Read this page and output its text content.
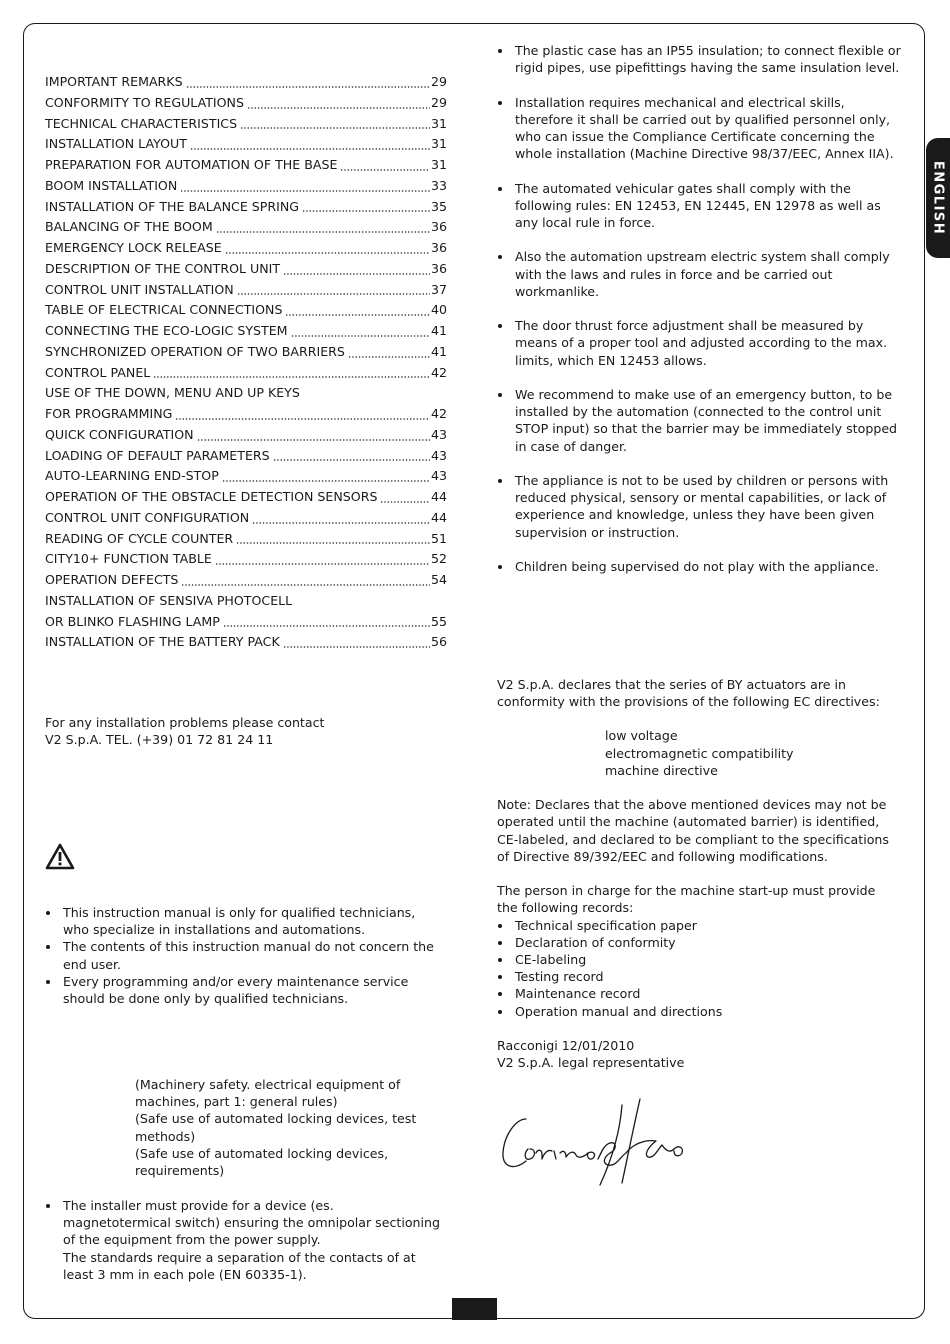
ENGLISH
IMPORTANT REMARKS	29
CONFORMITY TO REGULATIONS	29
TECHNICAL CHARACTERISTICS	31
INSTALLATION LAYOUT	31
PREPARATION FOR AUTOMATION OF THE BASE	31
BOOM INSTALLATION	33
INSTALLATION OF THE BALANCE SPRING	35
BALANCING OF THE BOOM	36
EMERGENCY LOCK RELEASE	36
DESCRIPTION OF THE CONTROL UNIT	36
CONTROL UNIT INSTALLATION	37
TABLE OF ELECTRICAL CONNECTIONS	40
CONNECTING THE ECO-LOGIC SYSTEM	41
SYNCHRONIZED OPERATION OF TWO BARRIERS	41
CONTROL PANEL	42
USE OF THE DOWN, MENU AND UP KEYS
FOR PROGRAMMING	42
QUICK CONFIGURATION	43
LOADING OF DEFAULT PARAMETERS	43
AUTO-LEARNING END-STOP	43
OPERATION OF THE OBSTACLE DETECTION SENSORS	44
CONTROL UNIT CONFIGURATION	44
READING OF CYCLE COUNTER	51
CITY10+ FUNCTION TABLE	52
OPERATION DEFECTS	54
INSTALLATION OF SENSIVA PHOTOCELL
OR BLINKO FLASHING LAMP	55
INSTALLATION OF THE BATTERY PACK	56

For any installation problems please contact

V2 S.p.A. TEL. (+39) 01 72 81 24 11

This instruction manual is only for qualified technicians, who specialize in installations and automations.
The contents of this instruction manual do not concern the end user.
Every programming and/or every maintenance service should be done only by qualified technicians.

(Machinery safety. electrical equipment of machines, part 1: general rules)

(Safe use of automated locking devices, test methods)

(Safe use of automated locking devices, requirements)

The installer must provide for a device (es. magnetotermical switch) ensuring the omnipolar sectioning of the equipment from the power supply.
The standards require a separation of the contacts of at least 3 mm in each pole (EN 60335-1).
The plastic case has an IP55 insulation; to connect flexible or rigid pipes, use pipefittings having the same insulation level.
Installation requires mechanical and electrical skills, therefore it shall be carried out by qualified personnel only, who can issue the Compliance Certificate concerning the whole installation (Machine Directive 98/37/EEC, Annex IIA).
The automated vehicular gates shall comply with the following rules: EN 12453, EN 12445, EN 12978 as well as any local rule in force.
Also the automation upstream electric system shall comply with the laws and rules in force and be carried out workmanlike.
The door thrust force adjustment shall be measured by means of a proper tool and adjusted according to the max. limits, which EN 12453 allows.
We recommend to make use of an emergency button, to be installed by the automation (connected to the control unit STOP input) so that the barrier may be immediately stopped in case of danger.
The appliance is not to be used by children or persons with reduced physical, sensory or mental capabilities, or lack of experience and knowledge, unless they have been given supervision or instruction.
Children being supervised do not play with the appliance.

V2 S.p.A. declares that the series of BY actuators are in conformity with the provisions of the following EC directives:

low voltage

electromagnetic compatibility

machine directive

Note: Declares that the above mentioned devices may not be operated until the machine (automated barrier) is identified, CE-labeled, and declared to be compliant to the specifications of Directive 89/392/EEC and following modifications.

The person in charge for the machine start-up must provide the following records:

Technical specification paper
Declaration of conformity
CE-labeling
Testing record
Maintenance record
Operation manual and directions

Racconigi 12/01/2010

V2 S.p.A. legal representative
